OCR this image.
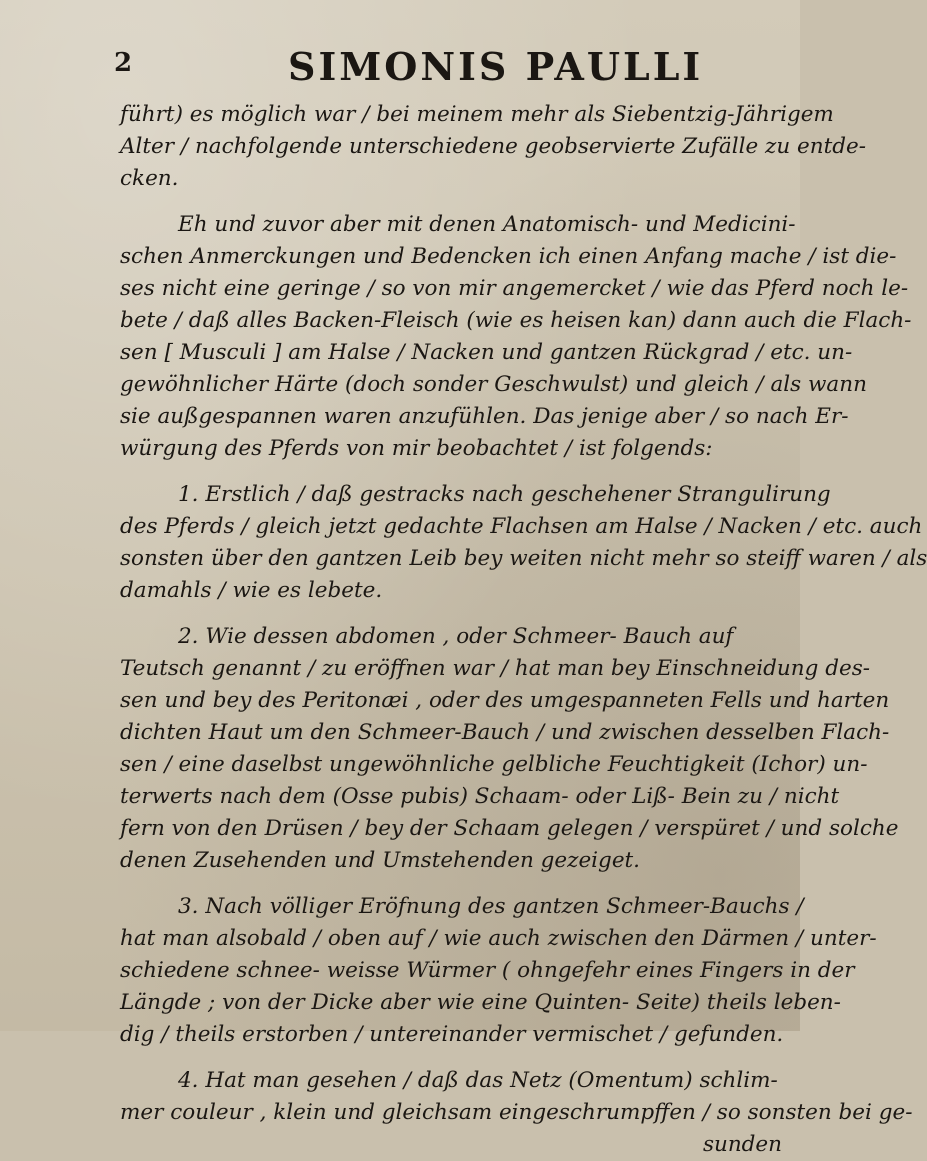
2	SIMONIS PAULLI
führt) es möglich war / bei meinem mehr als Siebentzig-Jährigem
Alter / nachfolgende unterschiedene geobservierte Zufälle zu entde-
cken.
Eh und zuvor aber mit denen Anatomisch- und Medicini-
schen Anmerckungen und Bedencken ich einen Anfang mache / ist die-
ses nicht eine geringe / so von mir angemercket / wie das Pferd noch le-
bete / daß alles Backen-Fleisch (wie es heisen kan) dann auch die Flach-
sen [ Musculi ] am Halse / Nacken und gantzen Rückgrad / etc. un-
gewöhnlicher Härte (doch sonder Geschwulst) und gleich / als wann
sie außgespannen waren anzufühlen. Das jenige aber / so nach Er-
würgung des Pferds von mir beobachtet / ist folgends:
1. Erstlich / daß gestracks nach geschehener Strangulirung
des Pferds / gleich jetzt gedachte Flachsen am Halse / Nacken / etc. auch
sonsten über den gantzen Leib bey weiten nicht mehr so steiff waren / als
damahls / wie es lebete.
2. Wie dessen abdomen , oder Schmeer- Bauch auf
Teutsch genannt / zu eröffnen war / hat man bey Einschneidung des-
sen und bey des Peritonæi , oder des umgespanneten Fells und harten
dichten Haut um den Schmeer-Bauch / und zwischen desselben Flach-
sen / eine daselbst ungewöhnliche gelbliche Feuchtigkeit (Ichor) un-
terwerts nach dem (Osse pubis) Schaam- oder Liß- Bein zu / nicht
fern von den Drüsen / bey der Schaam gelegen / verspüret / und solche
denen Zusehenden und Umstehenden gezeiget.
3. Nach völliger Eröfnung des gantzen Schmeer-Bauchs /
hat man alsobald / oben auf / wie auch zwischen den Därmen / unter-
schiedene schnee- weisse Würmer ( ohngefehr eines Fingers in der
Längde ; von der Dicke aber wie eine Quinten- Seite) theils leben-
dig / theils erstorben / untereinander vermischet / gefunden.
4. Hat man gesehen / daß das Netz (Omentum) schlim-
mer couleur , klein und gleichsam eingeschrumpffen / so sonsten bei ge-
sunden
